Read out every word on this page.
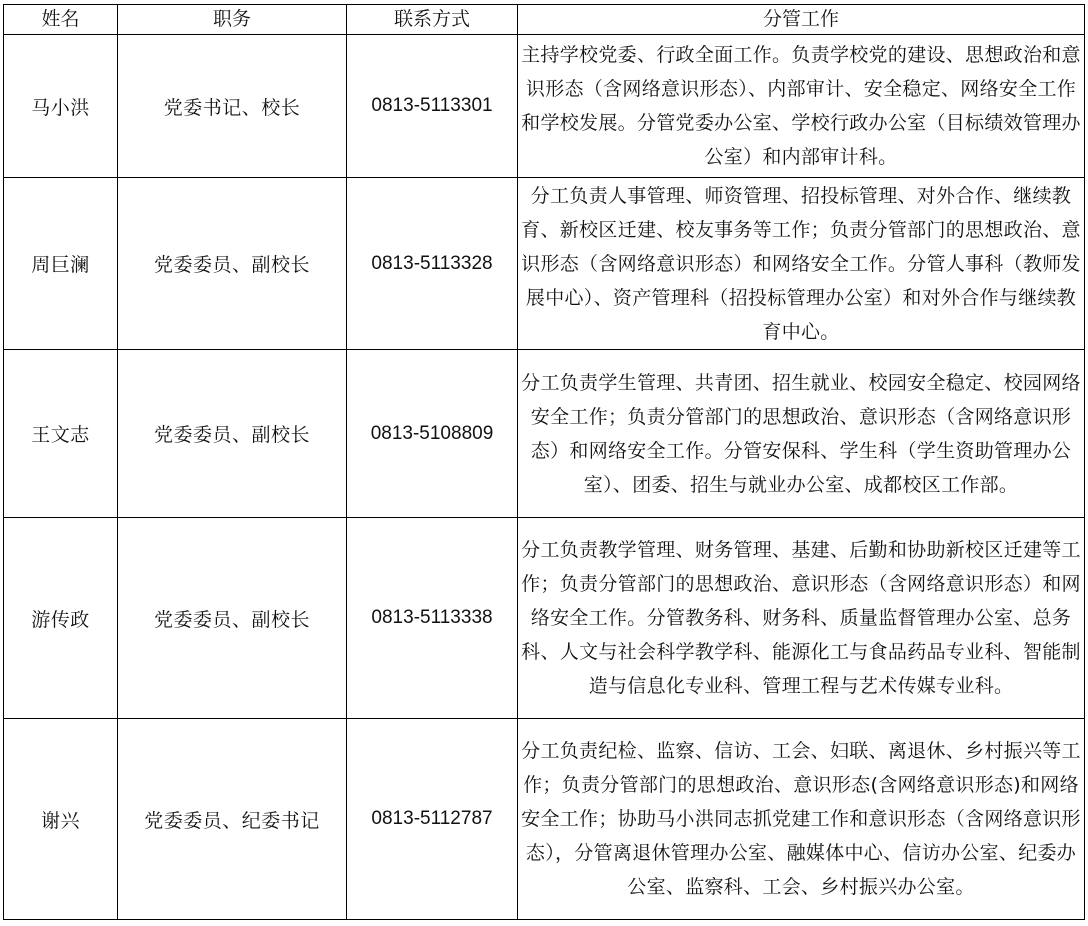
姓名	职务	联系方式	分管工作
马小洪	党委书记、校长	0813-5113301	主持学校党委、行政全面工作。负责学校党的建设、思想政治和意识形态（含网络意识形态）、内部审计、安全稳定、网络安全工作和学校发展。分管党委办公室、学校行政办公室（目标绩效管理办公室）和内部审计科。
周巨澜	党委委员、副校长	0813-5113328	分工负责人事管理、师资管理、招投标管理、对外合作、继续教育、新校区迁建、校友事务等工作；负责分管部门的思想政治、意识形态（含网络意识形态）和网络安全工作。分管人事科（教师发展中心）、资产管理科（招投标管理办公室）和对外合作与继续教育中心。
王文志	党委委员、副校长	0813-5108809	分工负责学生管理、共青团、招生就业、校园安全稳定、校园网络安全工作；负责分管部门的思想政治、意识形态（含网络意识形态）和网络安全工作。分管安保科、学生科（学生资助管理办公室）、团委、招生与就业办公室、成都校区工作部。
游传政	党委委员、副校长	0813-5113338	分工负责教学管理、财务管理、基建、后勤和协助新校区迁建等工作；负责分管部门的思想政治、意识形态（含网络意识形态）和网络安全工作。分管教务科、财务科、质量监督管理办公室、总务科、人文与社会科学教学科、能源化工与食品药品专业科、智能制造与信息化专业科、管理工程与艺术传媒专业科。
谢兴	党委委员、纪委书记	0813-5112787	分工负责纪检、监察、信访、工会、妇联、离退休、乡村振兴等工作；负责分管部门的思想政治、意识形态(含网络意识形态)和网络安全工作；协助马小洪同志抓党建工作和意识形态（含网络意识形态），分管离退休管理办公室、融媒体中心、信访办公室、纪委办公室、监察科、工会、乡村振兴办公室。
